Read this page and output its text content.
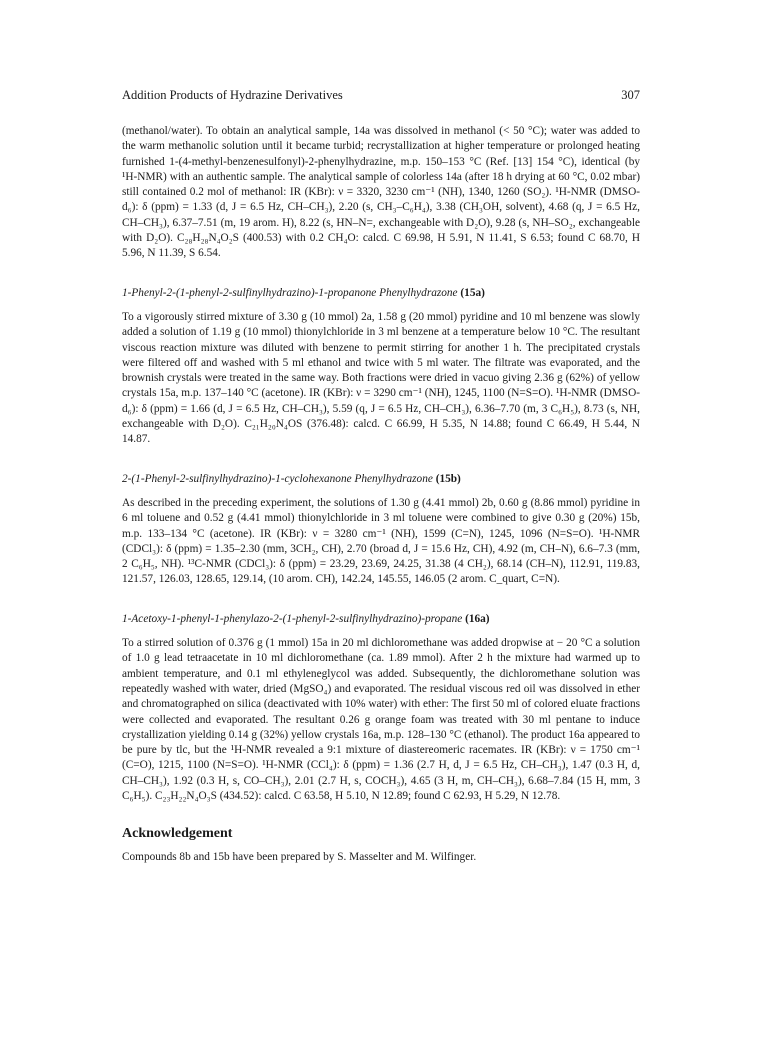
Addition Products of Hydrazine Derivatives	307

(methanol/water). To obtain an analytical sample, 14a was dissolved in methanol (< 50 °C); water was added to the warm methanolic solution until it became turbid; recrystallization at higher temperature or prolonged heating furnished 1-(4-methyl-benzenesulfonyl)-2-phenylhydrazine, m.p. 150–153 °C (Ref. [13] 154 °C), identical (by ¹H-NMR) with an authentic sample. The analytical sample of colorless 14a (after 18 h drying at 60 °C, 0.02 mbar) still contained 0.2 mol of methanol: IR (KBr): ν = 3320, 3230 cm⁻¹ (NH), 1340, 1260 (SO₂). ¹H-NMR (DMSO-d₆): δ (ppm) = 1.33 (d, J = 6.5 Hz, CH–CH₃), 2.20 (s, CH₃–C₆H₄), 3.38 (CH₃OH, solvent), 4.68 (q, J = 6.5 Hz, CH–CH₃), 6.37–7.51 (m, 19 arom. H), 8.22 (s, HN–N=, exchangeable with D₂O), 9.28 (s, NH–SO₂, exchangeable with D₂O). C₂₈H₂₈N₄O₂S (400.53) with 0.2 CH₄O: calcd. C 69.98, H 5.91, N 11.41, S 6.53; found C 68.70, H 5.96, N 11.39, S 6.54.

1-Phenyl-2-(1-phenyl-2-sulfinylhydrazino)-1-propanone Phenylhydrazone (15a)

To a vigorously stirred mixture of 3.30 g (10 mmol) 2a, 1.58 g (20 mmol) pyridine and 10 ml benzene was slowly added a solution of 1.19 g (10 mmol) thionylchloride in 3 ml benzene at a temperature below 10 °C. The resultant viscous reaction mixture was diluted with benzene to permit stirring for another 1 h. The precipitated crystals were filtered off and washed with 5 ml ethanol and twice with 5 ml water. The filtrate was evaporated, and the brownish crystals were treated in the same way. Both fractions were dried in vacuo giving 2.36 g (62%) of yellow crystals 15a, m.p. 137–140 °C (acetone). IR (KBr): ν = 3290 cm⁻¹ (NH), 1245, 1100 (N=S=O). ¹H-NMR (DMSO-d₆): δ (ppm) = 1.66 (d, J = 6.5 Hz, CH–CH₃), 5.59 (q, J = 6.5 Hz, CH–CH₃), 6.36–7.70 (m, 3 C₆H₅), 8.73 (s, NH, exchangeable with D₂O). C₂₁H₂₀N₄OS (376.48): calcd. C 66.99, H 5.35, N 14.88; found C 66.49, H 5.44, N 14.87.

2-(1-Phenyl-2-sulfinylhydrazino)-1-cyclohexanone Phenylhydrazone (15b)

As described in the preceding experiment, the solutions of 1.30 g (4.41 mmol) 2b, 0.60 g (8.86 mmol) pyridine in 6 ml toluene and 0.52 g (4.41 mmol) thionylchloride in 3 ml toluene were combined to give 0.30 g (20%) 15b, m.p. 133–134 °C (acetone). IR (KBr): ν = 3280 cm⁻¹ (NH), 1599 (C=N), 1245, 1096 (N=S=O). ¹H-NMR (CDCl₃): δ (ppm) = 1.35–2.30 (mm, 3CH₂, CH), 2.70 (broad d, J = 15.6 Hz, CH), 4.92 (m, CH–N), 6.6–7.3 (mm, 2 C₆H₅, NH). ¹³C-NMR (CDCl₃): δ (ppm) = 23.29, 23.69, 24.25, 31.38 (4 CH₂), 68.14 (CH–N), 112.91, 119.83, 121.57, 126.03, 128.65, 129.14, (10 arom. CH), 142.24, 145.55, 146.05 (2 arom. C_quart, C=N).

1-Acetoxy-1-phenyl-1-phenylazo-2-(1-phenyl-2-sulfinylhydrazino)-propane (16a)

To a stirred solution of 0.376 g (1 mmol) 15a in 20 ml dichloromethane was added dropwise at − 20 °C a solution of 1.0 g lead tetraacetate in 10 ml dichloromethane (ca. 1.89 mmol). After 2 h the mixture had warmed up to ambient temperature, and 0.1 ml ethyleneglycol was added. Subsequently, the dichloromethane solution was repeatedly washed with water, dried (MgSO₄) and evaporated. The residual viscous red oil was dissolved in ether and chromatographed on silica (deactivated with 10% water) with ether: The first 50 ml of colored eluate fractions were collected and evaporated. The resultant 0.26 g orange foam was treated with 30 ml pentane to induce crystallization yielding 0.14 g (32%) yellow crystals 16a, m.p. 128–130 °C (ethanol). The product 16a appeared to be pure by tlc, but the ¹H-NMR revealed a 9:1 mixture of diastereomeric racemates. IR (KBr): ν = 1750 cm⁻¹ (C=O), 1215, 1100 (N=S=O). ¹H-NMR (CCl₄): δ (ppm) = 1.36 (2.7 H, d, J = 6.5 Hz, CH–CH₃), 1.47 (0.3 H, d, CH–CH₃), 1.92 (0.3 H, s, CO–CH₃), 2.01 (2.7 H, s, COCH₃), 4.65 (3 H, m, CH–CH₃), 6.68–7.84 (15 H, mm, 3 C₆H₅). C₂₃H₂₂N₄O₃S (434.52): calcd. C 63.58, H 5.10, N 12.89; found C 62.93, H 5.29, N 12.78.

Acknowledgement

Compounds 8b and 15b have been prepared by S. Masselter and M. Wilfinger.
